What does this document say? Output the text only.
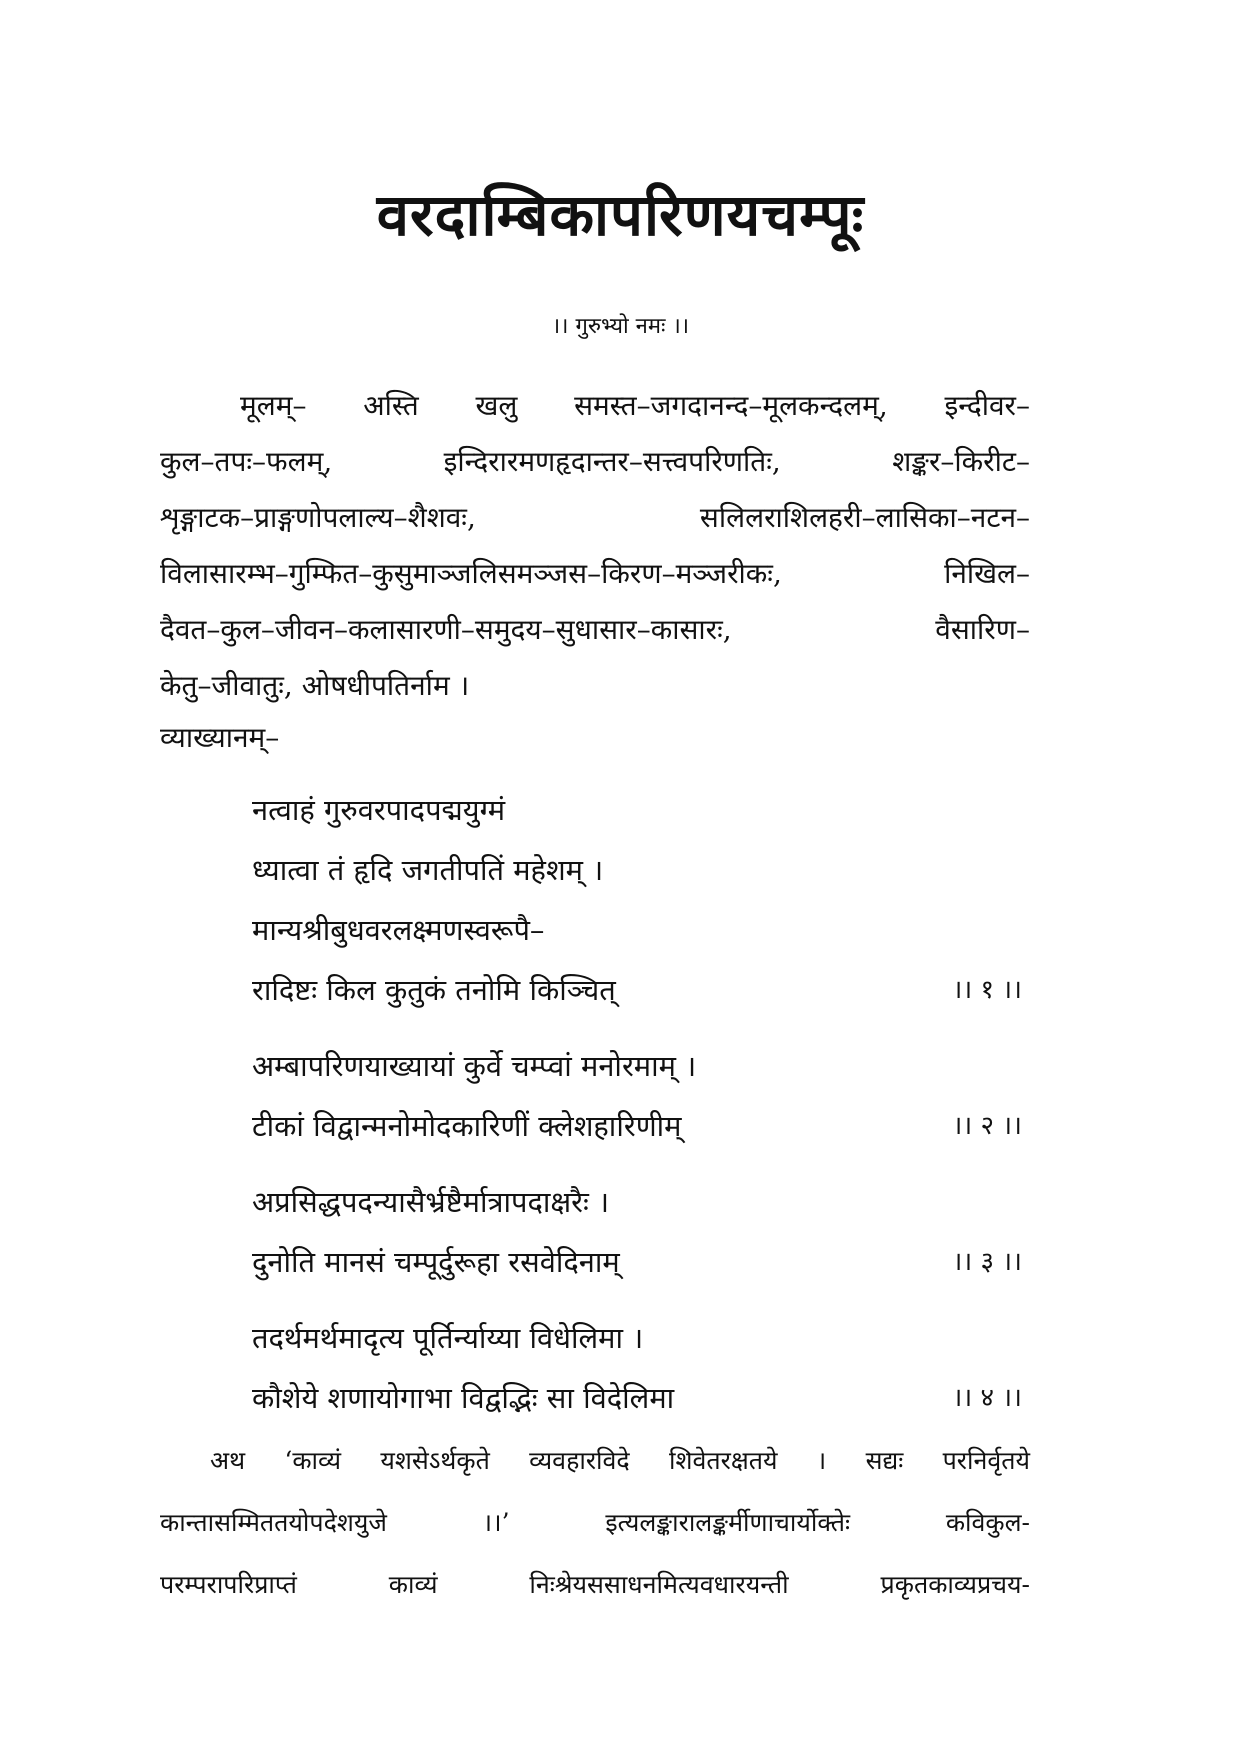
वरदाम्बिकापरिणयचम्पूः
।। गुरुभ्यो नमः ।।
मूलम्– अस्ति खलु समस्त–जगदानन्द–मूलकन्दलम्, इन्दीवर–
कुल–तपः–फलम्, इन्दिरारमणहृदान्तर–सत्त्वपरिणतिः, शङ्कर–किरीट–
शृङ्गाटक–प्राङ्गणोपलाल्य–शैशवः, सलिलराशिलहरी–लासिका–नटन–
विलासारम्भ–गुम्फित–कुसुमाञ्जलिसमञ्जस–किरण–मञ्जरीकः, निखिल–
दैवत–कुल–जीवन–कलासारणी–समुदय–सुधासार–कासारः, वैसारिण–
केतु–जीवातुः, ओषधीपतिर्नाम ।
व्याख्यानम्–
नत्वाहं गुरुवरपादपद्मयुग्मं
ध्यात्वा तं हृदि जगतीपतिं महेशम् ।
मान्यश्रीबुधवरलक्ष्मणस्वरूपै–
रादिष्टः किल कुतुकं तनोमि किञ्चित्	।। १ ।।
अम्बापरिणयाख्यायां कुर्वे चम्प्वां मनोरमाम् ।
टीकां विद्वान्मनोमोदकारिणीं क्लेशहारिणीम्	।। २ ।।
अप्रसिद्धपदन्यासैर्भ्रष्टैर्मात्रापदाक्षरैः ।
दुनोति मानसं चम्पूर्दुरूहा रसवेदिनाम्	।। ३ ।।
तदर्थमर्थमादृत्य पूर्तिर्न्याय्या विधेलिमा ।
कौशेये शणायोगाभा विद्वद्भिः सा विदेलिमा	।। ४ ।।
अथ ‘काव्यं यशसेऽर्थकृते व्यवहारविदे शिवेतरक्षतये । सद्यः परनिर्वृतये
कान्तासम्मिततयोपदेशयुजे ।।’ इत्यलङ्कारालङ्कर्मीणाचार्योक्तेः कविकुल-
परम्परापरिप्राप्तं काव्यं निःश्रेयससाधनमित्यवधारयन्ती प्रकृतकाव्यप्रचय-
